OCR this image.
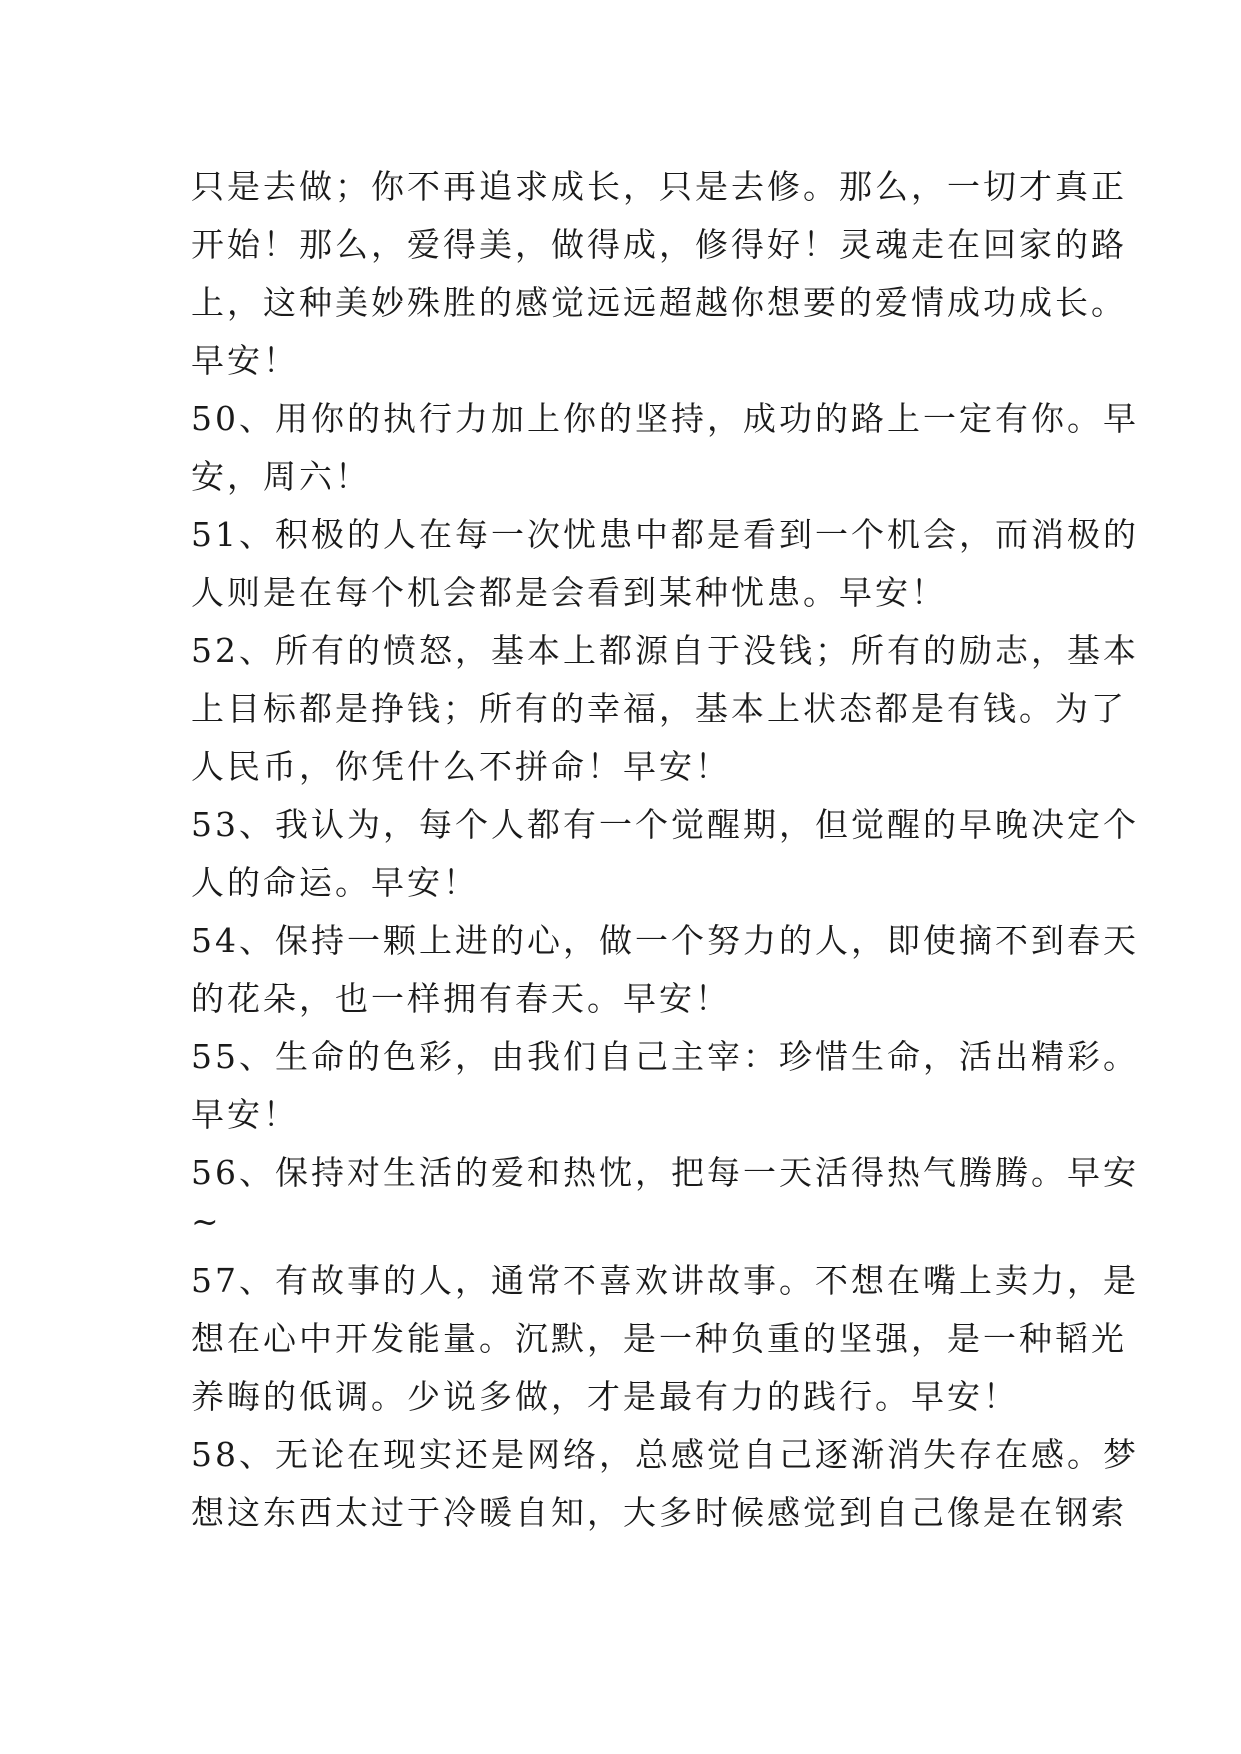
只是去做；你不再追求成长，只是去修。那么，一切才真正
开始！那么，爱得美，做得成，修得好！灵魂走在回家的路
上，这种美妙殊胜的感觉远远超越你想要的爱情成功成长。
早安！
50、用你的执行力加上你的坚持，成功的路上一定有你。早
安，周六！
51、积极的人在每一次忧患中都是看到一个机会，而消极的
人则是在每个机会都是会看到某种忧患。早安！
52、所有的愤怒，基本上都源自于没钱；所有的励志，基本
上目标都是挣钱；所有的幸福，基本上状态都是有钱。为了
人民币，你凭什么不拼命！早安！
53、我认为，每个人都有一个觉醒期，但觉醒的早晚决定个
人的命运。早安！
54、保持一颗上进的心，做一个努力的人，即使摘不到春天
的花朵，也一样拥有春天。早安！
55、生命的色彩，由我们自己主宰：珍惜生命，活出精彩。
早安！
56、保持对生活的爱和热忱，把每一天活得热气腾腾。早安
~
57、有故事的人，通常不喜欢讲故事。不想在嘴上卖力，是
想在心中开发能量。沉默，是一种负重的坚强，是一种韬光
养晦的低调。少说多做，才是最有力的践行。早安！
58、无论在现实还是网络，总感觉自己逐渐消失存在感。梦
想这东西太过于冷暖自知，大多时候感觉到自己像是在钢索
